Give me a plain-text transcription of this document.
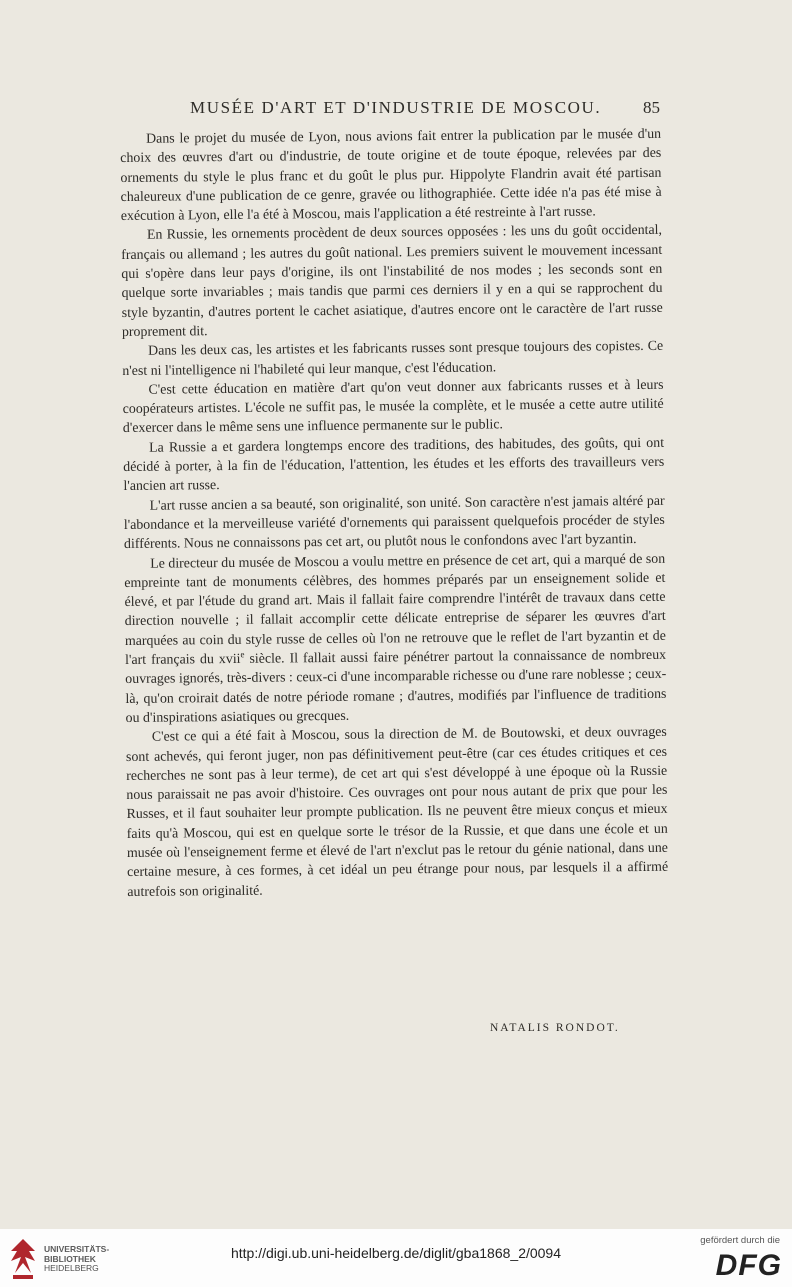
MUSÉE D'ART ET D'INDUSTRIE DE MOSCOU. 85

Dans le projet du musée de Lyon, nous avions fait entrer la publication par le musée d'un choix des œuvres d'art ou d'industrie, de toute origine et de toute époque, relevées par des ornements du style le plus franc et du goût le plus pur. Hippolyte Flandrin avait été partisan chaleureux d'une publication de ce genre, gravée ou lithographiée. Cette idée n'a pas été mise à exécution à Lyon, elle l'a été à Moscou, mais l'application a été restreinte à l'art russe.

En Russie, les ornements procèdent de deux sources opposées : les uns du goût occidental, français ou allemand ; les autres du goût national. Les premiers suivent le mouvement incessant qui s'opère dans leur pays d'origine, ils ont l'instabilité de nos modes ; les seconds sont en quelque sorte invariables ; mais tandis que parmi ces derniers il y en a qui se rapprochent du style byzantin, d'autres portent le cachet asiatique, d'autres encore ont le caractère de l'art russe proprement dit.

Dans les deux cas, les artistes et les fabricants russes sont presque toujours des copistes. Ce n'est ni l'intelligence ni l'habileté qui leur manque, c'est l'éducation.

C'est cette éducation en matière d'art qu'on veut donner aux fabricants russes et à leurs coopérateurs artistes. L'école ne suffit pas, le musée la complète, et le musée a cette autre utilité d'exercer dans le même sens une influence permanente sur le public.

La Russie a et gardera longtemps encore des traditions, des habitudes, des goûts, qui ont décidé à porter, à la fin de l'éducation, l'attention, les études et les efforts des travailleurs vers l'ancien art russe.

L'art russe ancien a sa beauté, son originalité, son unité. Son caractère n'est jamais altéré par l'abondance et la merveilleuse variété d'ornements qui paraissent quelquefois procéder de styles différents. Nous ne connaissons pas cet art, ou plutôt nous le confondons avec l'art byzantin.

Le directeur du musée de Moscou a voulu mettre en présence de cet art, qui a marqué de son empreinte tant de monuments célèbres, des hommes préparés par un enseignement solide et élevé, et par l'étude du grand art. Mais il fallait faire comprendre l'intérêt de travaux dans cette direction nouvelle ; il fallait accomplir cette délicate entreprise de séparer les œuvres d'art marquées au coin du style russe de celles où l'on ne retrouve que le reflet de l'art byzantin et de l'art français du xvii$^e$ siècle. Il fallait aussi faire pénétrer partout la connaissance de nombreux ouvrages ignorés, très-divers : ceux-ci d'une incomparable richesse ou d'une rare noblesse ; ceux-là, qu'on croirait datés de notre période romane ; d'autres, modifiés par l'influence de traditions ou d'inspirations asiatiques ou grecques.

C'est ce qui a été fait à Moscou, sous la direction de M. de Boutowski, et deux ouvrages sont achevés, qui feront juger, non pas définitivement peut-être (car ces études critiques et ces recherches ne sont pas à leur terme), de cet art qui s'est développé à une époque où la Russie nous paraissait ne pas avoir d'histoire. Ces ouvrages ont pour nous autant de prix que pour les Russes, et il faut souhaiter leur prompte publication. Ils ne peuvent être mieux conçus et mieux faits qu'à Moscou, qui est en quelque sorte le trésor de la Russie, et que dans une école et un musée où l'enseignement ferme et élevé de l'art n'exclut pas le retour du génie national, dans une certaine mesure, à ces formes, à cet idéal un peu étrange pour nous, par lesquels il a affirmé autrefois son originalité.

NATALIS RONDOT.
UNIVERSITÄTS-
BIBLIOTHEK
HEIDELBERG
http://digi.ub.uni-heidelberg.de/diglit/gba1868_2/0094
gefördert durch die
DFG
